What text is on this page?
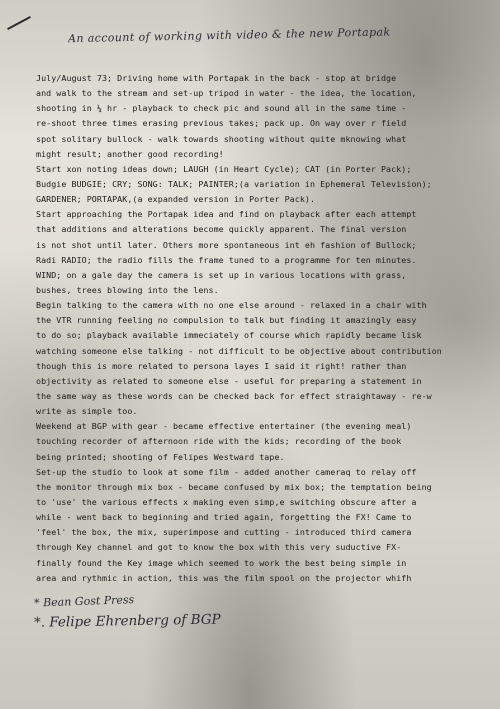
An account of working with video & the new Portapak
July/August 73; Driving home with Portapak in the back - stop at bridge
and walk to the stream and set-up tripod in water - the idea, the location,
shooting in ¼ hr - playback to check pic and sound all in the same time -
re-shoot three times erasing previous takes; pack up. On way over r field
spot solitary bullock - walk towards shooting without quite mknowing what
might result; another good recording!
Start xon noting ideas down; LAUGH (in Heart Cycle); CAT (in Porter Pack);
Budgie BUDGIE; CRY; SONG: TALK; PAINTER;(a variation in Ephemeral Television);
GARDENER; PORTAPAK,(a expanded version in Porter Pack).
Start approaching the Portapak idea and find on playback after each attempt
that additions and alterations become quickly apparent. The final version
is not shot until later. Others more spontaneous int eh fashion of Bullock;
Radi RADIO; the radio fills the frame tuned to a programme for ten minutes.
WIND; on a gale day the camera is set up in various locations with grass,
bushes, trees blowing into the lens.
Begin talking to the camera with no one else around - relaxed in a chair with
the VTR running feeling no compulsion to talk but finding it amazingly easy
to do so; playback available immeciately of course which rapidly became lisk
watching someone else talking - not difficult to be objective about contribution
though this is more related to persona layes I said it right! rather than
objectivity as related to someone else - useful for preparing a statement in
the same way as these words can be checked back for effect straightaway - re-w
write as simple too.
Weekend at BGP with gear - became effective entertainer (the evening meal)
touching recorder of afternoon ride with the kids; recording of the book
being printed; shooting of Felipes Westward tape.
Set-up the studio to look at some film - added another cameraq to relay off
the monitor through mix box - became confused by mix box; the temptation being
to 'use' the various effects x making even simp,e switching obscure after a
while - went back to beginning and tried again, forgetting the FX! Came to
'feel' the box, the mix, superimpose and cutting - introduced third camera
through Key channel and got to know the box with this very suductive FX-
finally found the Key image which seemed to work the best being simple in
area and rythmic in action, this was the film spool on the projector whifh
* Bean Gost Press
*. Felipe Ehrenberg of BGP
